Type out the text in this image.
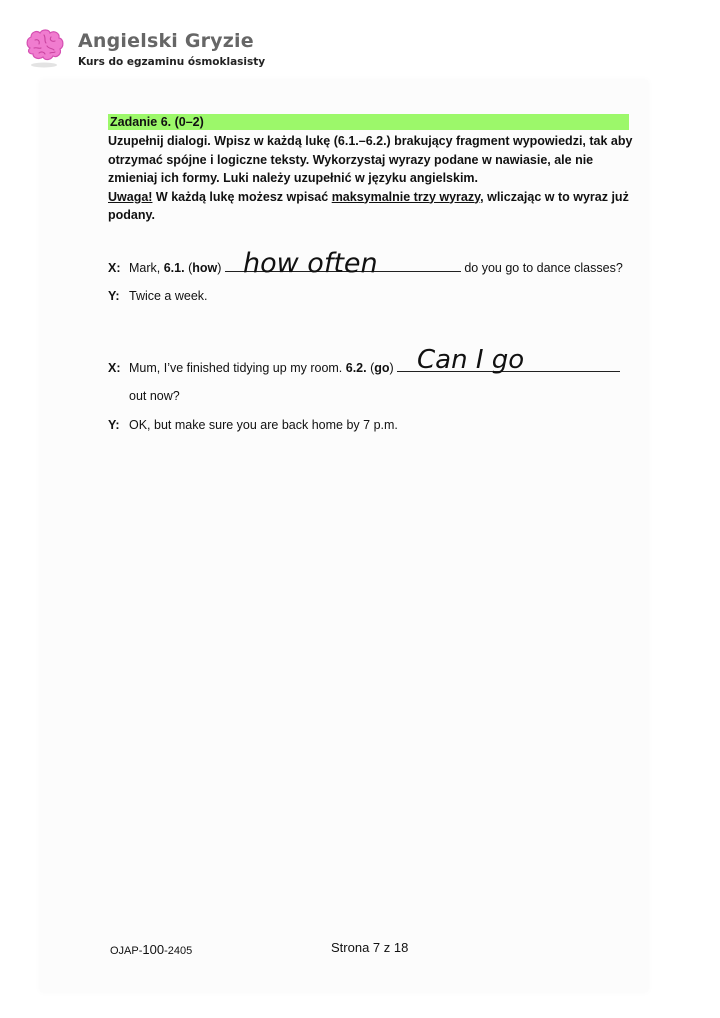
Angielski Gryzie
Kurs do egzaminu ósmoklasisty
Zadanie 6. (0–2)

Uzupełnij dialogi. Wpisz w każdą lukę (6.1.–6.2.) brakujący fragment wypowiedzi, tak aby otrzymać spójne i logiczne teksty. Wykorzystaj wyrazy podane w nawiasie, ale nie zmieniaj ich formy. Luki należy uzupełnić w języku angielskim.

Uwaga! W każdą lukę możesz wpisać maksymalnie trzy wyrazy, wliczając w to wyraz już podany.

X: Mark, 6.1. (how)	do you go to dance classes?
how often
Y: Twice a week.
X: Mum, I’ve finished tidying up my room. 6.2. (go) Can I go
out now?
Y: OK, but make sure you are back home by 7 p.m.
OJAP-100-2405	Strona 7 z 18
